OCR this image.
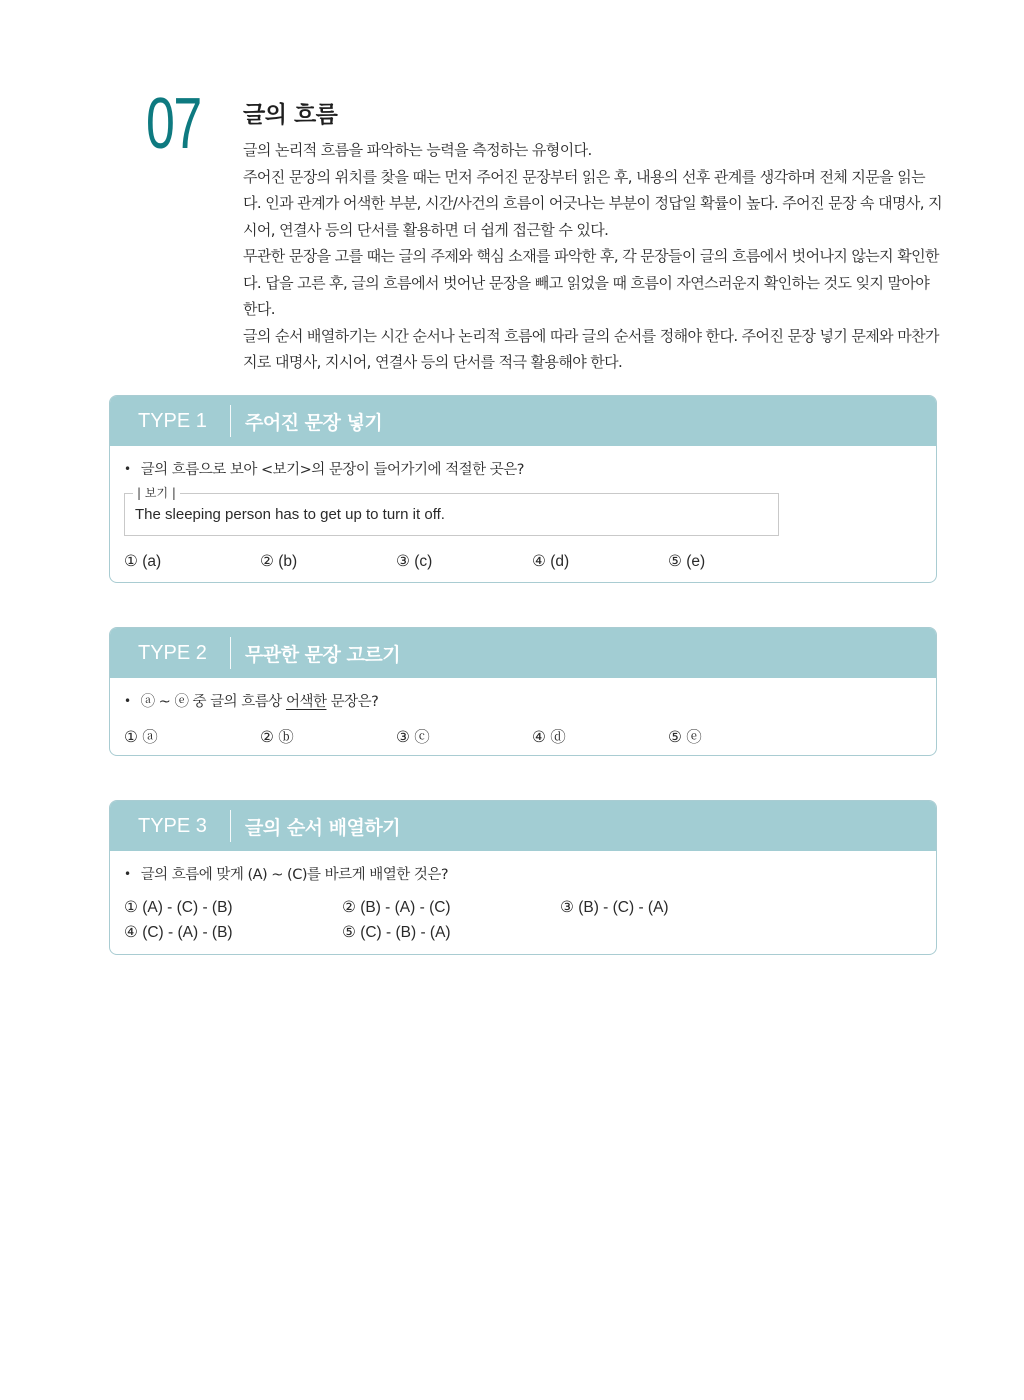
07 글의 흐름

글의 논리적 흐름을 파악하는 능력을 측정하는 유형이다.

주어진 문장의 위치를 찾을 때는 먼저 주어진 문장부터 읽은 후, 내용의 선후 관계를 생각하며 전체 지문을 읽는다. 인과 관계가 어색한 부분, 시간/사건의 흐름이 어긋나는 부분이 정답일 확률이 높다. 주어진 문장 속 대명사, 지시어, 연결사 등의 단서를 활용하면 더 쉽게 접근할 수 있다.

무관한 문장을 고를 때는 글의 주제와 핵심 소재를 파악한 후, 각 문장들이 글의 흐름에서 벗어나지 않는지 확인한다. 답을 고른 후, 글의 흐름에서 벗어난 문장을 빼고 읽었을 때 흐름이 자연스러운지 확인하는 것도 잊지 말아야 한다.

글의 순서 배열하기는 시간 순서나 논리적 흐름에 따라 글의 순서를 정해야 한다. 주어진 문장 넣기 문제와 마찬가지로 대명사, 지시어, 연결사 등의 단서를 적극 활용해야 한다.

TYPE 1	주어진 문장 넣기
• 글의 흐름으로 보아 <보기>의 문장이 들어가기에 적절한 곳은?
| 보기 |
The sleeping person has to get up to turn it off.
① (a)	② (b)	③ (c)	④ (d)	⑤ (e)
TYPE 2	무관한 문장 고르기
• ⓐ ~ ⓔ 중 글의 흐름상 어색한 문장은?
① ⓐ	② ⓑ	③ ⓒ	④ ⓓ	⑤ ⓔ
TYPE 3	글의 순서 배열하기
• 글의 흐름에 맞게 (A) ~ (C)를 바르게 배열한 것은?
① (A) - (C) - (B)	② (B) - (A) - (C)	③ (B) - (C) - (A)
④ (C) - (A) - (B)	⑤ (C) - (B) - (A)
